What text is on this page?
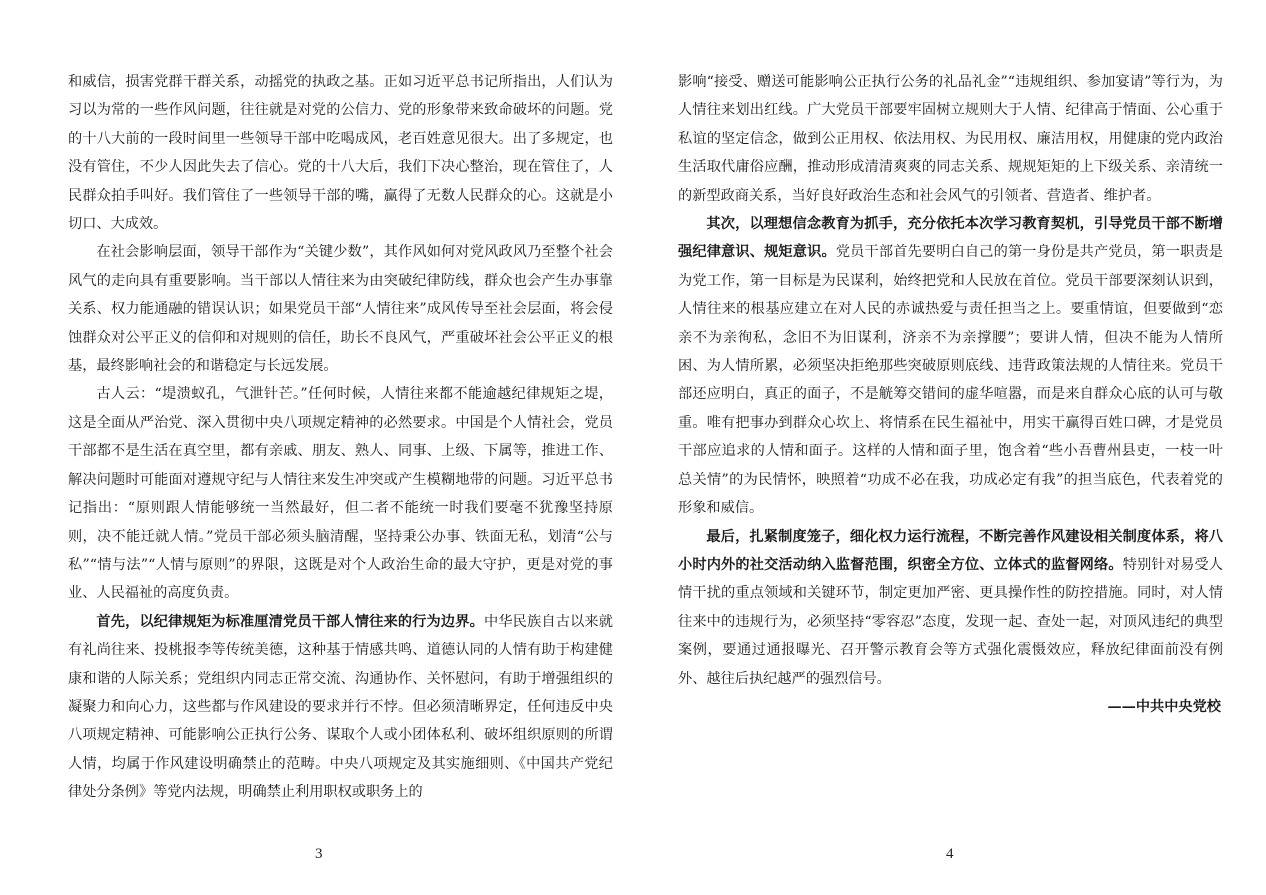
和威信，损害党群干群关系，动摇党的执政之基。正如习近平总书记所指出，人们认为习以为常的一些作风问题，往往就是对党的公信力、党的形象带来致命破坏的问题。党的十八大前的一段时间里一些领导干部中吃喝成风，老百姓意见很大。出了多规定，也没有管住，不少人因此失去了信心。党的十八大后，我们下决心整治，现在管住了，人民群众拍手叫好。我们管住了一些领导干部的嘴，赢得了无数人民群众的心。这就是小切口、大成效。

在社会影响层面，领导干部作为“关键少数”，其作风如何对党风政风乃至整个社会风气的走向具有重要影响。当干部以人情往来为由突破纪律防线，群众也会产生办事靠关系、权力能通融的错误认识；如果党员干部“人情往来”成风传导至社会层面，将会侵蚀群众对公平正义的信仰和对规则的信任，助长不良风气，严重破坏社会公平正义的根基，最终影响社会的和谐稳定与长远发展。

古人云：“堤溃蚁孔，气泄针芒。”任何时候，人情往来都不能逾越纪律规矩之堤，这是全面从严治党、深入贯彻中央八项规定精神的必然要求。中国是个人情社会，党员干部都不是生活在真空里，都有亲戚、朋友、熟人、同事、上级、下属等，推进工作、解决问题时可能面对遵规守纪与人情往来发生冲突或产生模糊地带的问题。习近平总书记指出：“原则跟人情能够统一当然最好，但二者不能统一时我们要毫不犹豫坚持原则，决不能迁就人情。”党员干部必须头脑清醒，坚持秉公办事、铁面无私，划清“公与私”“情与法”“人情与原则”的界限，这既是对个人政治生命的最大守护，更是对党的事业、人民福祉的高度负责。

首先，以纪律规矩为标准厘清党员干部人情往来的行为边界。中华民族自古以来就有礼尚往来、投桃报李等传统美德，这种基于情感共鸣、道德认同的人情有助于构建健康和谐的人际关系；党组织内同志正常交流、沟通协作、关怀慰问，有助于增强组织的凝聚力和向心力，这些都与作风建设的要求并行不悖。但必须清晰界定，任何违反中央八项规定精神、可能影响公正执行公务、谋取个人或小团体私利、破坏组织原则的所谓人情，均属于作风建设明确禁止的范畴。中央八项规定及其实施细则、《中国共产党纪律处分条例》等党内法规，明确禁止利用职权或职务上的

3

影响“接受、赠送可能影响公正执行公务的礼品礼金”“违规组织、参加宴请”等行为，为人情往来划出红线。广大党员干部要牢固树立规则大于人情、纪律高于情面、公心重于私谊的坚定信念，做到公正用权、依法用权、为民用权、廉洁用权，用健康的党内政治生活取代庸俗应酬，推动形成清清爽爽的同志关系、规规矩矩的上下级关系、亲清统一的新型政商关系，当好良好政治生态和社会风气的引领者、营造者、维护者。

其次，以理想信念教育为抓手，充分依托本次学习教育契机，引导党员干部不断增强纪律意识、规矩意识。党员干部首先要明白自己的第一身份是共产党员，第一职责是为党工作，第一目标是为民谋利，始终把党和人民放在首位。党员干部要深刻认识到，人情往来的根基应建立在对人民的赤诚热爱与责任担当之上。要重情谊，但要做到“恋亲不为亲徇私，念旧不为旧谋利，济亲不为亲撑腰”；要讲人情，但决不能为人情所困、为人情所累，必须坚决拒绝那些突破原则底线、违背政策法规的人情往来。党员干部还应明白，真正的面子，不是觥筹交错间的虚华喧嚣，而是来自群众心底的认可与敬重。唯有把事办到群众心坎上、将情系在民生福祉中，用实干赢得百姓口碑，才是党员干部应追求的人情和面子。这样的人情和面子里，饱含着“些小吾曹州县吏，一枝一叶总关情”的为民情怀，映照着“功成不必在我，功成必定有我”的担当底色，代表着党的形象和威信。

最后，扎紧制度笼子，细化权力运行流程，不断完善作风建设相关制度体系，将八小时内外的社交活动纳入监督范围，织密全方位、立体式的监督网络。特别针对易受人情干扰的重点领域和关键环节，制定更加严密、更具操作性的防控措施。同时，对人情往来中的违规行为，必须坚持“零容忍”态度，发现一起、查处一起，对顶风违纪的典型案例，要通过通报曝光、召开警示教育会等方式强化震慑效应，释放纪律面前没有例外、越往后执纪越严的强烈信号。

——中共中央党校

4
